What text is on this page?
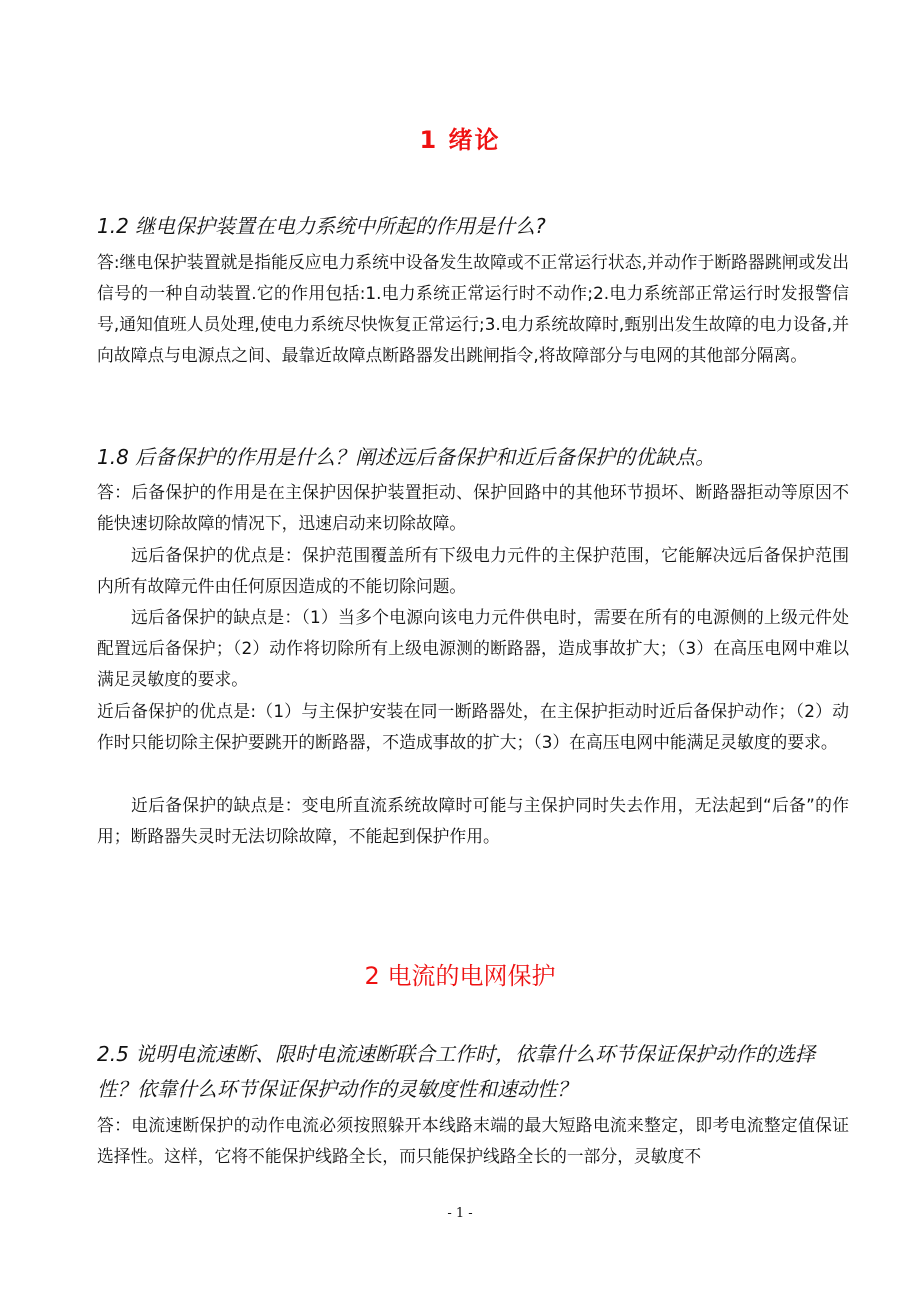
1 绪论
1.2 继电保护装置在电力系统中所起的作用是什么?

答:继电保护装置就是指能反应电力系统中设备发生故障或不正常运行状态,并动作于断路器跳闸或发出信号的一种自动装置.它的作用包括:1.电力系统正常运行时不动作;2.电力系统部正常运行时发报警信号,通知值班人员处理,使电力系统尽快恢复正常运行;3.电力系统故障时,甄别出发生故障的电力设备,并向故障点与电源点之间、最靠近故障点断路器发出跳闸指令,将故障部分与电网的其他部分隔离。

1.8 后备保护的作用是什么？阐述远后备保护和近后备保护的优缺点。

答：后备保护的作用是在主保护因保护装置拒动、保护回路中的其他环节损坏、断路器拒动等原因不能快速切除故障的情况下，迅速启动来切除故障。

远后备保护的优点是：保护范围覆盖所有下级电力元件的主保护范围，它能解决远后备保护范围内所有故障元件由任何原因造成的不能切除问题。

远后备保护的缺点是：（1）当多个电源向该电力元件供电时，需要在所有的电源侧的上级元件处配置远后备保护；（2）动作将切除所有上级电源测的断路器，造成事故扩大；（3）在高压电网中难以满足灵敏度的要求。

近后备保护的优点是:（1）与主保护安装在同一断路器处，在主保护拒动时近后备保护动作；（2）动作时只能切除主保护要跳开的断路器，不造成事故的扩大；（3）在高压电网中能满足灵敏度的要求。

近后备保护的缺点是：变电所直流系统故障时可能与主保护同时失去作用，无法起到“后备”的作用；断路器失灵时无法切除故障，不能起到保护作用。

2 电流的电网保护
2.5 说明电流速断、限时电流速断联合工作时，依靠什么环节保证保护动作的选择性？依靠什么环节保证保护动作的灵敏度性和速动性？

答：电流速断保护的动作电流必须按照躲开本线路末端的最大短路电流来整定，即考电流整定值保证选择性。这样，它将不能保护线路全长，而只能保护线路全长的一部分，灵敏度不

- 1 -
